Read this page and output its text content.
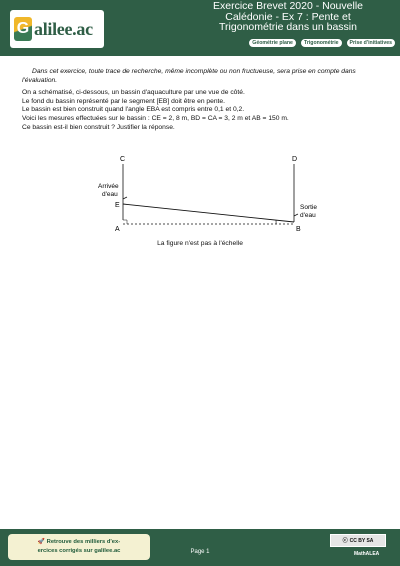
G alilee.ac
Exercice Brevet 2020 - Nouvelle
Calédonie - Ex 7 : Pente et
Trigonométrie dans un bassin
Géométrie plane	Trigonométrie	Prise d'initiatives

Dans cet exercice, toute trace de recherche, même incomplète ou non fructueuse, sera prise en compte dans l'évaluation.

On a schématisé, ci-dessous, un bassin d'aquaculture par une vue de côté.

Le fond du bassin représenté par le segment [EB] doit être en pente.

Le bassin est bien construit quand l'angle EBA est compris entre 0,1 et 0,2.

Voici les mesures effectuées sur le bassin : CE = 2, 8 m, BD = CA = 3, 2 m et AB = 150 m.

Ce bassin est-il bien construit ? Justifier la réponse.

C	D
E
A	B
Arrivée
d'eau
Sortie
d'eau
La figure n'est pas à l'échelle
🚀 Retrouve des milliers d'ex-
ercices corrigés sur galilee.ac	Page 1
ⓒ CC BY SA
MathALEA
